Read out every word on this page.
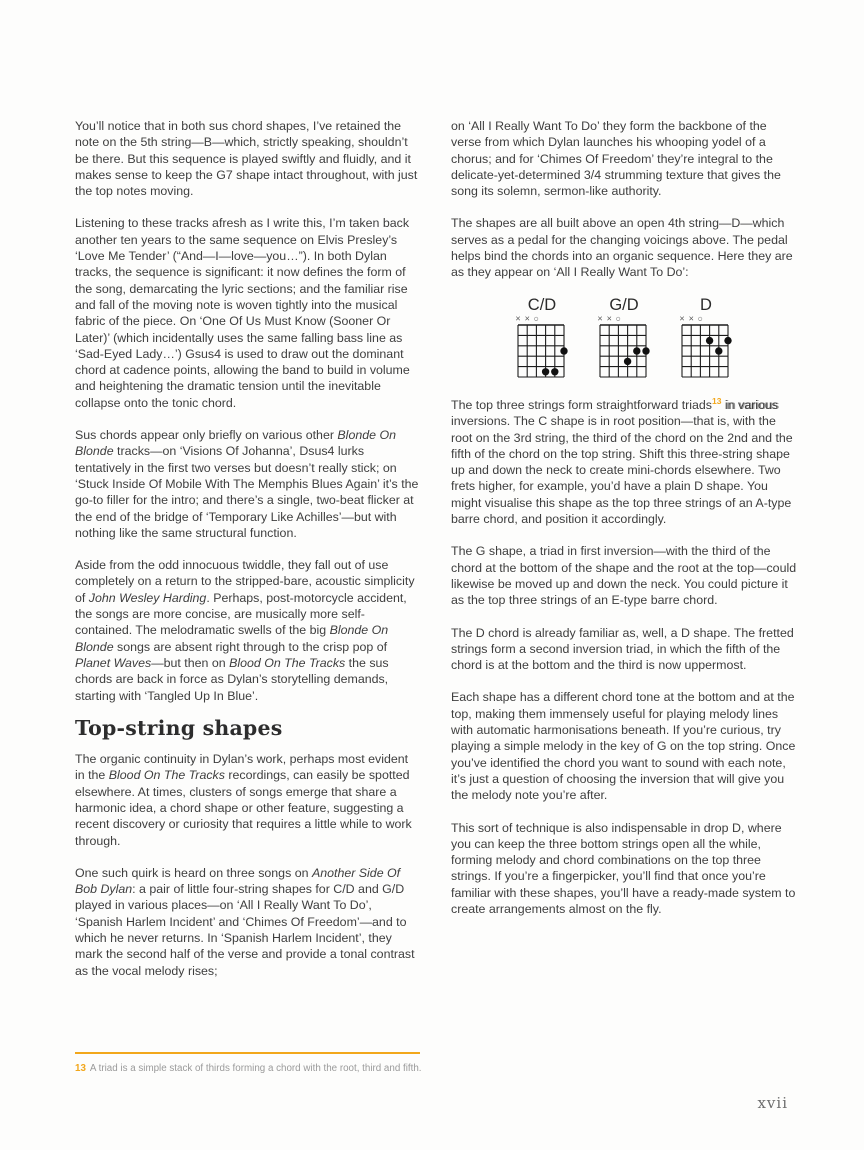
You’ll notice that in both sus chord shapes, I’ve retained the note on the 5th string—B—which, strictly speaking, shouldn’t be there. But this sequence is played swiftly and fluidly, and it makes sense to keep the G7 shape intact throughout, with just the top notes moving.

Listening to these tracks afresh as I write this, I’m taken back another ten years to the same sequence on Elvis Presley’s ‘Love Me Tender’ (“And—I—love—you…”). In both Dylan tracks, the sequence is significant: it now defines the form of the song, demarcating the lyric sections; and the familiar rise and fall of the moving note is woven tightly into the musical fabric of the piece. On ‘One Of Us Must Know (Sooner Or Later)’ (which incidentally uses the same falling bass line as ‘Sad-Eyed Lady…’) Gsus4 is used to draw out the dominant chord at cadence points, allowing the band to build in volume and heightening the dramatic tension until the inevitable collapse onto the tonic chord.

Sus chords appear only briefly on various other Blonde On Blonde tracks—on ‘Visions Of Johanna’, Dsus4 lurks tentatively in the first two verses but doesn’t really stick; on ‘Stuck Inside Of Mobile With The Memphis Blues Again’ it’s the go-to filler for the intro; and there’s a single, two-beat flicker at the end of the bridge of ‘Temporary Like Achilles’—but with nothing like the same structural function.

Aside from the odd innocuous twiddle, they fall out of use completely on a return to the stripped-bare, acoustic simplicity of John Wesley Harding. Perhaps, post-motorcycle accident, the songs are more concise, are musically more self-contained. The melodramatic swells of the big Blonde On Blonde songs are absent right through to the crisp pop of Planet Waves—but then on Blood On The Tracks the sus chords are back in force as Dylan’s storytelling demands, starting with ‘Tangled Up In Blue’.

Top-string shapes

The organic continuity in Dylan’s work, perhaps most evident in the Blood On The Tracks recordings, can easily be spotted elsewhere. At times, clusters of songs emerge that share a harmonic idea, a chord shape or other feature, suggesting a recent discovery or curiosity that requires a little while to work through.

One such quirk is heard on three songs on Another Side Of Bob Dylan: a pair of little four-string shapes for C/D and G/D played in various places—on ‘All I Really Want To Do’, ‘Spanish Harlem Incident’ and ‘Chimes Of Freedom’—and to which he never returns. In ‘Spanish Harlem Incident’, they mark the second half of the verse and provide a tonal contrast as the vocal melody rises;

on ‘All I Really Want To Do’ they form the backbone of the verse from which Dylan launches his whooping yodel of a chorus; and for ‘Chimes Of Freedom’ they’re integral to the delicate-yet-determined 3/4 strumming texture that gives the song its solemn, sermon-like authority.

The shapes are all built above an open 4th string—D—which serves as a pedal for the changing voicings above. The pedal helps bind the chords into an organic sequence. Here they are as they appear on ‘All I Really Want To Do’:

C/D
× × ○
G/D
× × ○
D
× × ○

The top three strings form straightforward triads$^{13}$ in various inversions. The C shape is in root position—that is, with the root on the 3rd string, the third of the chord on the 2nd and the fifth of the chord on the top string. Shift this three-string shape up and down the neck to create mini-chords elsewhere. Two frets higher, for example, you’d have a plain D shape. You might visualise this shape as the top three strings of an A-type barre chord, and position it accordingly.

The G shape, a triad in first inversion—with the third of the chord at the bottom of the shape and the root at the top—could likewise be moved up and down the neck. You could picture it as the top three strings of an E-type barre chord.

The D chord is already familiar as, well, a D shape. The fretted strings form a second inversion triad, in which the fifth of the chord is at the bottom and the third is now uppermost.

Each shape has a different chord tone at the bottom and at the top, making them immensely useful for playing melody lines with automatic harmonisations beneath. If you’re curious, try playing a simple melody in the key of G on the top string. Once you’ve identified the chord you want to sound with each note, it’s just a question of choosing the inversion that will give you the melody note you’re after.

This sort of technique is also indispensable in drop D, where you can keep the three bottom strings open all the while, forming melody and chord combinations on the top three strings. If you’re a fingerpicker, you’ll find that once you’re familiar with these shapes, you’ll have a ready-made system to create arrangements almost on the fly.

13 A triad is a simple stack of thirds forming a chord with the root, third and fifth.
xvii
